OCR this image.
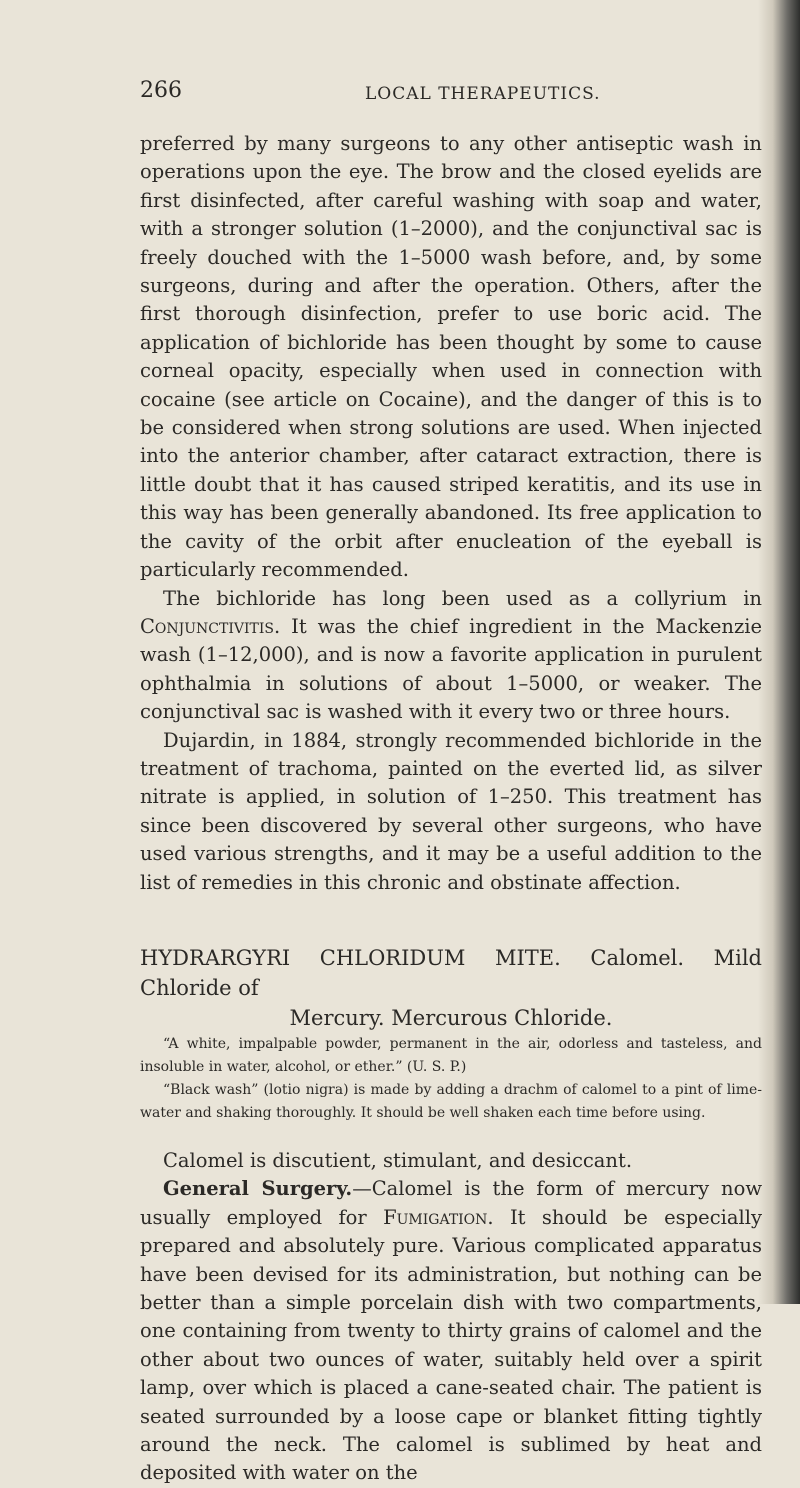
266	LOCAL THERAPEUTICS.

preferred by many surgeons to any other antiseptic wash in operations upon the eye. The brow and the closed eyelids are first disinfected, after careful washing with soap and water, with a stronger solution (1–2000), and the conjunctival sac is freely douched with the 1–5000 wash before, and, by some surgeons, during and after the operation. Others, after the first thorough disinfection, prefer to use boric acid. The application of bichloride has been thought by some to cause corneal opacity, especially when used in connection with cocaine (see article on Cocaine), and the danger of this is to be considered when strong solutions are used. When injected into the anterior chamber, after cataract extraction, there is little doubt that it has caused striped keratitis, and its use in this way has been generally abandoned. Its free application to the cavity of the orbit after enucleation of the eyeball is particularly recommended.

The bichloride has long been used as a collyrium in Conjunctivitis. It was the chief ingredient in the Mackenzie wash (1–12,000), and is now a favorite application in purulent ophthalmia in solutions of about 1–5000, or weaker. The conjunctival sac is washed with it every two or three hours.

Dujardin, in 1884, strongly recommended bichloride in the treatment of trachoma, painted on the everted lid, as silver nitrate is applied, in solution of 1–250. This treatment has since been discovered by several other surgeons, who have used various strengths, and it may be a useful addition to the list of remedies in this chronic and obstinate affection.

HYDRARGYRI CHLORIDUM MITE. Calomel. Mild Chloride of

Mercury. Mercurous Chloride.

“A white, impalpable powder, permanent in the air, odorless and tasteless, and insoluble in water, alcohol, or ether.” (U. S. P.)

“Black wash” (lotio nigra) is made by adding a drachm of calomel to a pint of lime-water and shaking thoroughly. It should be well shaken each time before using.

Calomel is discutient, stimulant, and desiccant.

General Surgery.—Calomel is the form of mercury now usually employed for Fumigation. It should be especially prepared and absolutely pure. Various complicated apparatus have been devised for its administration, but nothing can be better than a simple porcelain dish with two compartments, one containing from twenty to thirty grains of calomel and the other about two ounces of water, suitably held over a spirit lamp, over which is placed a cane-seated chair. The patient is seated surrounded by a loose cape or blanket fitting tightly around the neck. The calomel is sublimed by heat and deposited with water on the
